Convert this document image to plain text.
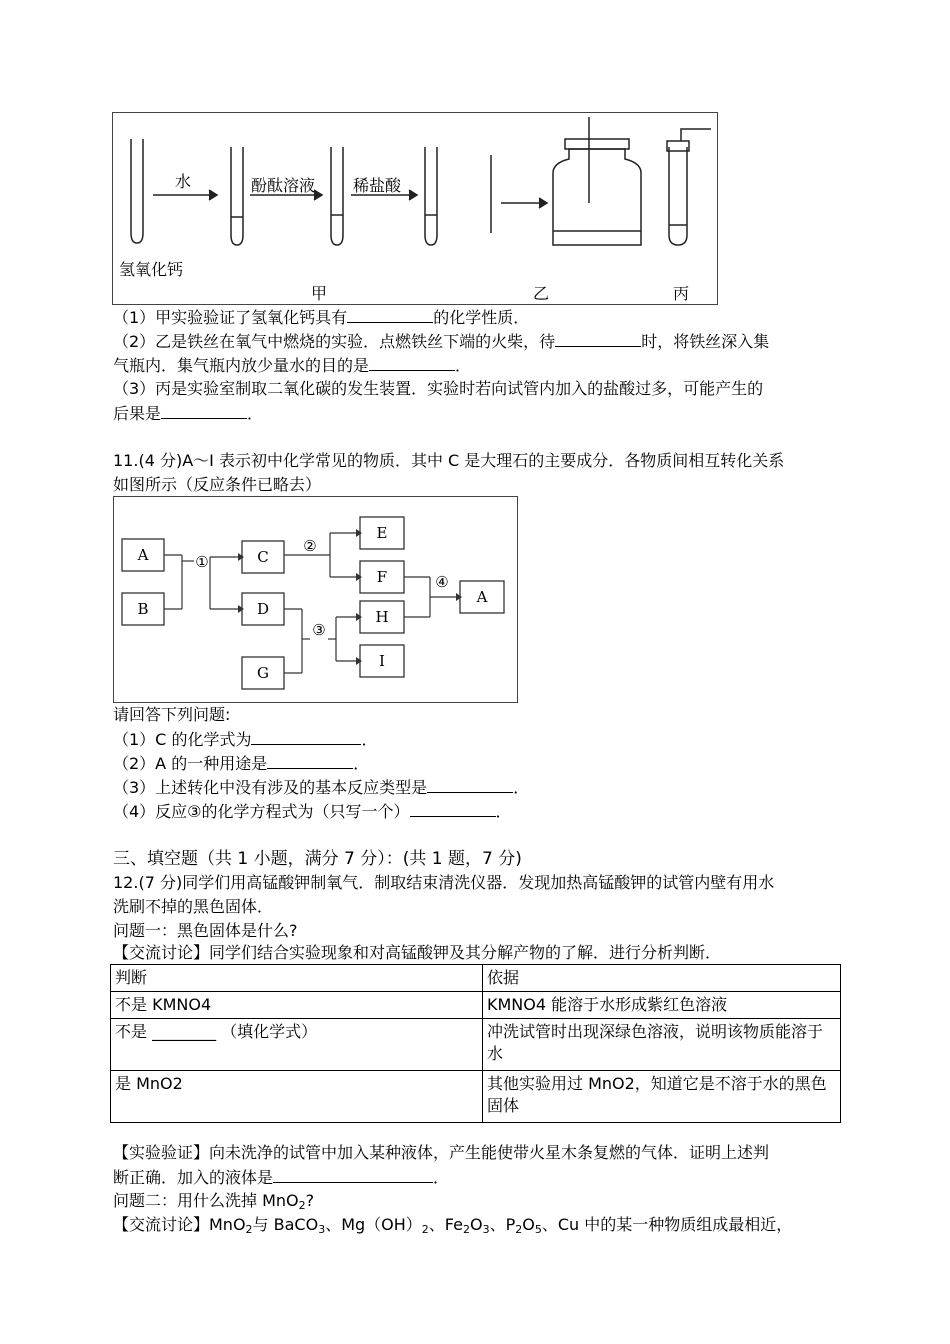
水	酚酞溶液 稀盐酸
氢氧化钙
甲	乙	丙
（1）甲实验验证了氢氧化钙具有	的化学性质．
（2）乙是铁丝在氧气中燃烧的实验．点燃铁丝下端的火柴，待	时，将铁丝深入集
气瓶内．集气瓶内放少量水的目的是	．
（3）丙是实验室制取二氧化碳的发生装置．实验时若向试管内加入的盐酸过多，可能产生的
后果是	．
11.(4 分)A～I 表示初中化学常见的物质．其中 C 是大理石的主要成分．各物质间相互转化关系
如图所示（反应条件已略去）
A
B
C
D
G
E
F
H
I
A
①
②
③
④
请回答下列问题:
（1）C 的化学式为	．
（2）A 的一种用途是	．
（3）上述转化中没有涉及的基本反应类型是	．
（4）反应③的化学方程式为（只写一个）	．
三、填空题（共 1 小题，满分 7 分）：(共 1 题，7 分)
12.(7 分)同学们用高锰酸钾制氧气．制取结束清洗仪器．发现加热高锰酸钾的试管内壁有用水
洗刷不掉的黑色固体．
问题一：黑色固体是什么?
【交流讨论】同学们结合实验现象和对高锰酸钾及其分解产物的了解．进行分析判断．
判断	依据
不是 KMNO4	KMNO4 能溶于水形成紫红色溶液
不是 ________ （填化学式）	冲洗试管时出现深绿色溶液，说明该物质能溶于水
是 MnO2	其他实验用过 MnO2，知道它是不溶于水的黑色固体
【实验验证】向未洗净的试管中加入某种液体，产生能使带火星木条复燃的气体．证明上述判
断正确．加入的液体是	．
问题二：用什么洗掉 MnO$_2$?
【交流讨论】MnO$_2$与 BaCO$_3$、$Mg(OH)_2$、$Fe_2O_3$、$P_2O_5$、Cu 中的某一种物质组成最相近，
